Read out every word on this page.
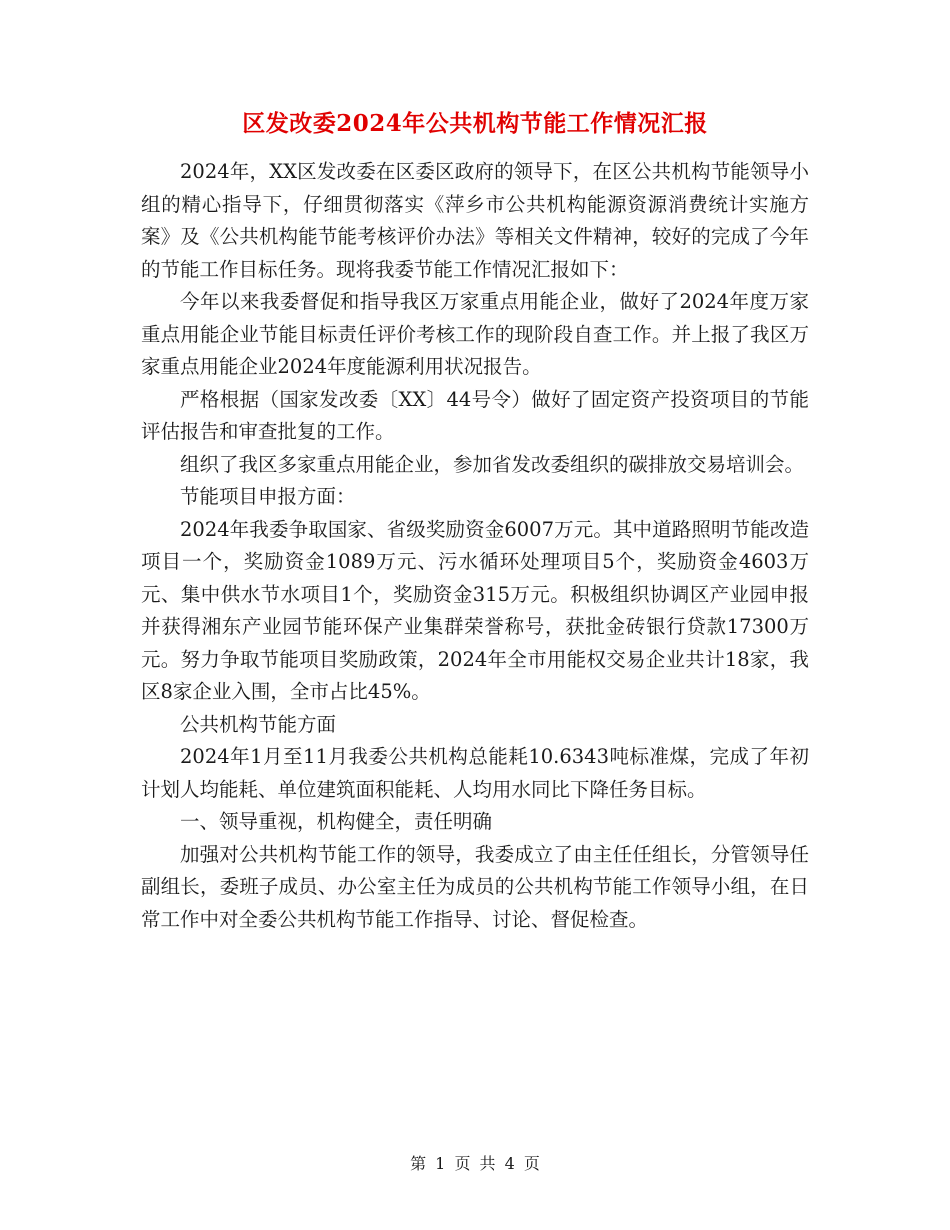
区发改委2024年公共机构节能工作情况汇报

2024年，XX区发改委在区委区政府的领导下，在区公共机构节能领导小组的精心指导下，仔细贯彻落实《萍乡市公共机构能源资源消费统计实施方案》及《公共机构能节能考核评价办法》等相关文件精神，较好的完成了今年的节能工作目标任务。现将我委节能工作情况汇报如下：

今年以来我委督促和指导我区万家重点用能企业，做好了2024年度万家重点用能企业节能目标责任评价考核工作的现阶段自查工作。并上报了我区万家重点用能企业2024年度能源利用状况报告。

严格根据（国家发改委〔XX〕44号令）做好了固定资产投资项目的节能评估报告和审查批复的工作。

组织了我区多家重点用能企业，参加省发改委组织的碳排放交易培训会。

节能项目申报方面：

2024年我委争取国家、省级奖励资金6007万元。其中道路照明节能改造项目一个，奖励资金1089万元、污水循环处理项目5个，奖励资金4603万元、集中供水节水项目1个，奖励资金315万元。积极组织协调区产业园申报并获得湘东产业园节能环保产业集群荣誉称号，获批金砖银行贷款17300万元。努力争取节能项目奖励政策，2024年全市用能权交易企业共计18家，我区8家企业入围，全市占比45%。

公共机构节能方面

2024年1月至11月我委公共机构总能耗10.6343吨标准煤，完成了年初计划人均能耗、单位建筑面积能耗、人均用水同比下降任务目标。

一、领导重视，机构健全，责任明确

加强对公共机构节能工作的领导，我委成立了由主任任组长，分管领导任副组长，委班子成员、办公室主任为成员的公共机构节能工作领导小组，在日常工作中对全委公共机构节能工作指导、讨论、督促检查。

第 1 页 共 4 页
